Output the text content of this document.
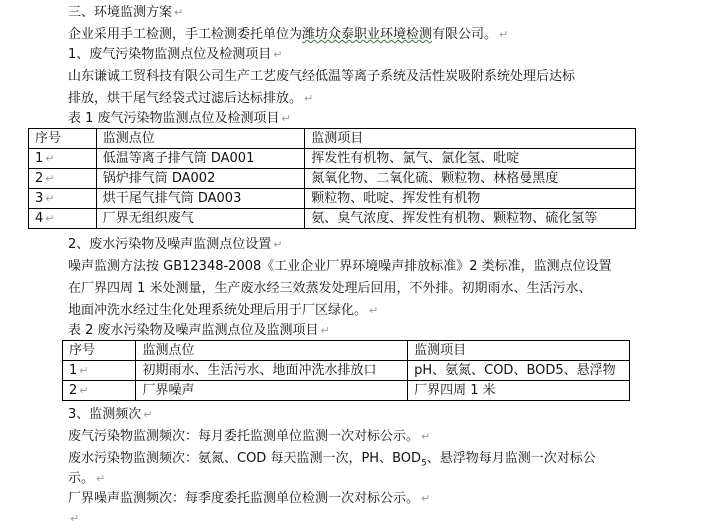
三、环境监测方案 ↵
企业采用手工检测，手工检测委托单位为潍坊众泰职业环境检测有限公司。 ↵
1、废气污染物监测点位及检测项目 ↵
山东谦诚工贸科技有限公司生产工艺废气经低温等离子系统及活性炭吸附系统处理后达标
排放，烘干尾气经袋式过滤后达标排放。 ↵
表 1 废气污染物监测点位及检测项目 ↵
序号	监测点位	监测项目
1 ↵	低温等离子排气筒 DA001	挥发性有机物、氯气、氯化氢、吡啶
2 ↵	锅炉排气筒 DA002	氮氧化物、二氧化硫、颗粒物、林格曼黑度
3 ↵	烘干尾气排气筒 DA003	颗粒物、吡啶、挥发性有机物
4 ↵	厂界无组织废气	氨、臭气浓度、挥发性有机物、颗粒物、硫化氢等
2、废水污染物及噪声监测点位设置 ↵
噪声监测方法按 GB12348-2008《工业企业厂界环境噪声排放标准》2 类标准，监测点位设置
在厂界四周 1 米处测量，生产废水经三效蒸发处理后回用，不外排。初期雨水、生活污水、
地面冲洗水经过生化处理系统处理后用于厂区绿化。 ↵
表 2 废水污染物及噪声监测点位及监测项目 ↵
序号	监测点位	监测项目
1 ↵	初期雨水、生活污水、地面冲洗水排放口	pH、氨氮、COD、BOD5、悬浮物
2 ↵	厂界噪声	厂界四周 1 米
3、监测频次 ↵
废气污染物监测频次：每月委托监测单位监测一次对标公示。 ↵
废水污染物监测频次：氨氮、COD 每天监测一次，PH、$BOD_5$、悬浮物每月监测一次对标公
示。 ↵
厂界噪声监测频次：每季度委托监测单位检测一次对标公示。 ↵
↵
